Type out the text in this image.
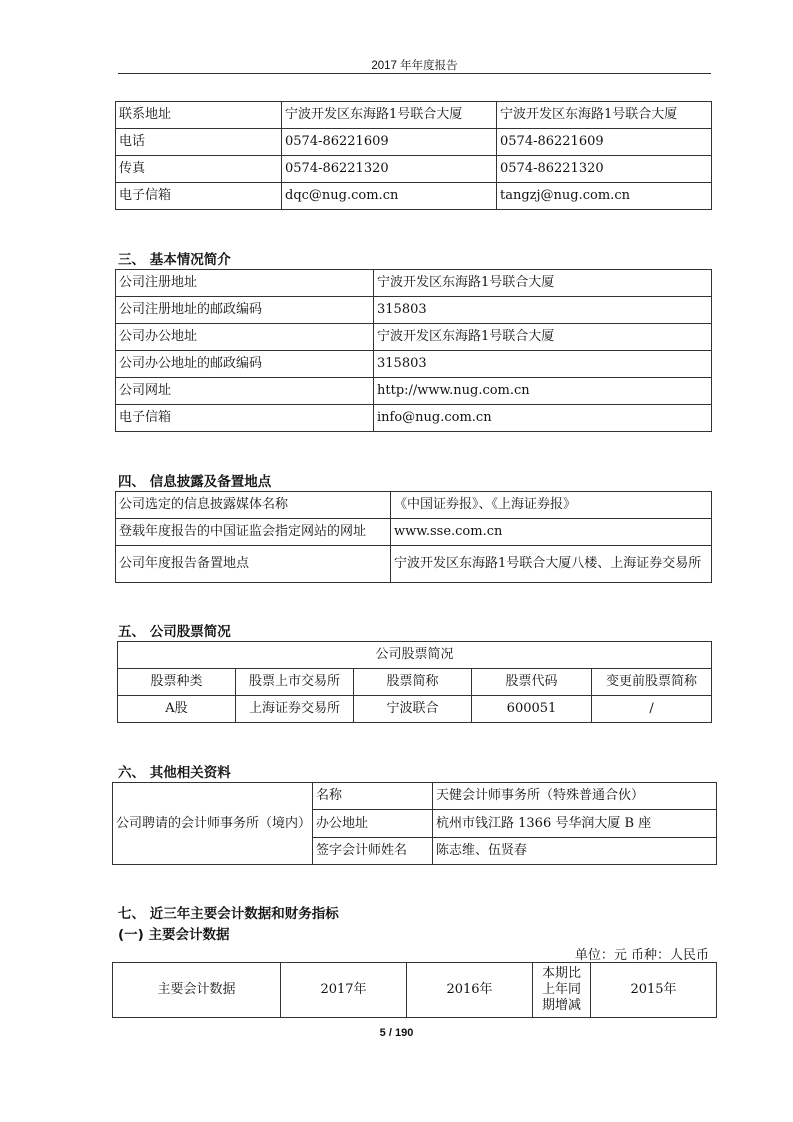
2017 年年度报告
联系地址	宁波开发区东海路1号联合大厦	宁波开发区东海路1号联合大厦
电话	0574-86221609	0574-86221609
传真	0574-86221320	0574-86221320
电子信箱	dqc@nug.com.cn	tangzj@nug.com.cn
三、 基本情况简介
公司注册地址	宁波开发区东海路1号联合大厦
公司注册地址的邮政编码	315803
公司办公地址	宁波开发区东海路1号联合大厦
公司办公地址的邮政编码	315803
公司网址	http://www.nug.com.cn
电子信箱	info@nug.com.cn
四、 信息披露及备置地点
公司选定的信息披露媒体名称	《中国证券报》、《上海证券报》
登载年度报告的中国证监会指定网站的网址	www.sse.com.cn
公司年度报告备置地点	宁波开发区东海路1号联合大厦八楼、上海证券交易所
五、 公司股票简况
公司股票简况				
股票种类	股票上市交易所	股票简称	股票代码	变更前股票简称
A股	上海证券交易所	宁波联合	600051	/
六、 其他相关资料
公司聘请的会计师事务所（境内）	名称	天健会计师事务所（特殊普通合伙）
	办公地址	杭州市钱江路 1366 号华润大厦 B 座
	签字会计师姓名	陈志维、伍贤春
七、 近三年主要会计数据和财务指标
(一) 主要会计数据
单位：元 币种：人民币
主要会计数据	2017年	2016年	本期比上年同期增减	2015年
5 / 190
